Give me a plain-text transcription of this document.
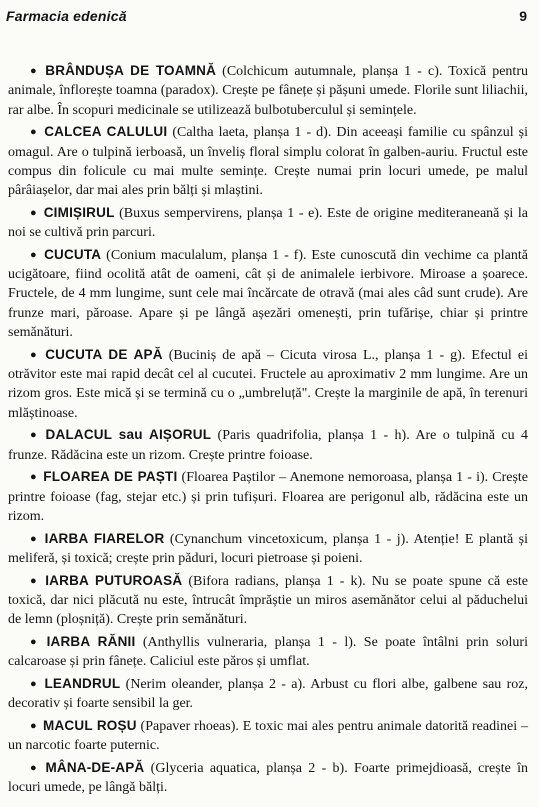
Farmacia edenică	9

● BRÂNDUȘA DE TOAMNĂ (Colchicum autumnale, planșa 1 - c). Toxică pentru animale, înflorește toamna (paradox). Crește pe fânețe și pășuni umede. Florile sunt liliachii, rar albe. În scopuri medicinale se utilizează bulbotuberculul și semințele.

● CALCEA CALULUI (Caltha laeta, planșa 1 - d). Din aceeași familie cu spânzul și omagul. Are o tulpină ierboasă, un înveliș floral simplu colorat în galben-auriu. Fructul este compus din folicule cu mai multe semințe. Crește numai prin locuri umede, pe malul pârâiașelor, dar mai ales prin bălți și mlaștini.

● CIMIȘIRUL (Buxus sempervirens, planșa 1 - e). Este de origine mediteraneană și la noi se cultivă prin parcuri.

● CUCUTA (Conium maculalum, planșa 1 - f). Este cunoscută din vechime ca plantă ucigătoare, fiind ocolită atât de oameni, cât și de animalele ierbivore. Miroase a șoarece. Fructele, de 4 mm lungime, sunt cele mai încărcate de otravă (mai ales câd sunt crude). Are frunze mari, păroase. Apare și pe lângă așezări omenești, prin tufărișe, chiar și printre semănături.

● CUCUTA DE APĂ (Buciniș de apă – Cicuta virosa L., planșa 1 - g). Efectul ei otrăvitor este mai rapid decât cel al cucutei. Fructele au aproximativ 2 mm lungime. Are un rizom gros. Este mică și se termină cu o „umbreluță". Crește la marginile de apă, în terenuri mlăștinoase.

● DALACUL sau AIȘORUL (Paris quadrifolia, planșa 1 - h). Are o tulpină cu 4 frunze. Rădăcina este un rizom. Crește printre foioase.

● FLOAREA DE PAȘTI (Floarea Paștilor – Anemone nemoroasa, planșa 1 - i). Crește printre foioase (fag, stejar etc.) și prin tufișuri. Floarea are perigonul alb, rădăcina este un rizom.

● IARBA FIARELOR (Cynanchum vincetoxicum, planșa 1 - j). Atenție! E plantă și meliferă, și toxică; crește prin păduri, locuri pietroase și poieni.

● IARBA PUTUROASĂ (Bifora radians, planșa 1 - k). Nu se poate spune că este toxică, dar nici plăcută nu este, întrucât împrăștie un miros asemănător celui al păduchelui de lemn (ploșniță). Crește prin semănături.

● IARBA RĂNII (Anthyllis vulneraria, planșa 1 - l). Se poate întâlni prin soluri calcaroase și prin fânețe. Caliciul este păros și umflat.

● LEANDRUL (Nerim oleander, planșa 2 - a). Arbust cu flori albe, galbene sau roz, decorativ și foarte sensibil la ger.

● MACUL ROȘU (Papaver rhoeas). E toxic mai ales pentru animale datorită readinei – un narcotic foarte puternic.

● MÂNA-DE-APĂ (Glyceria aquatica, planșa 2 - b). Foarte primejdioasă, crește în locuri umede, pe lângă bălți.
